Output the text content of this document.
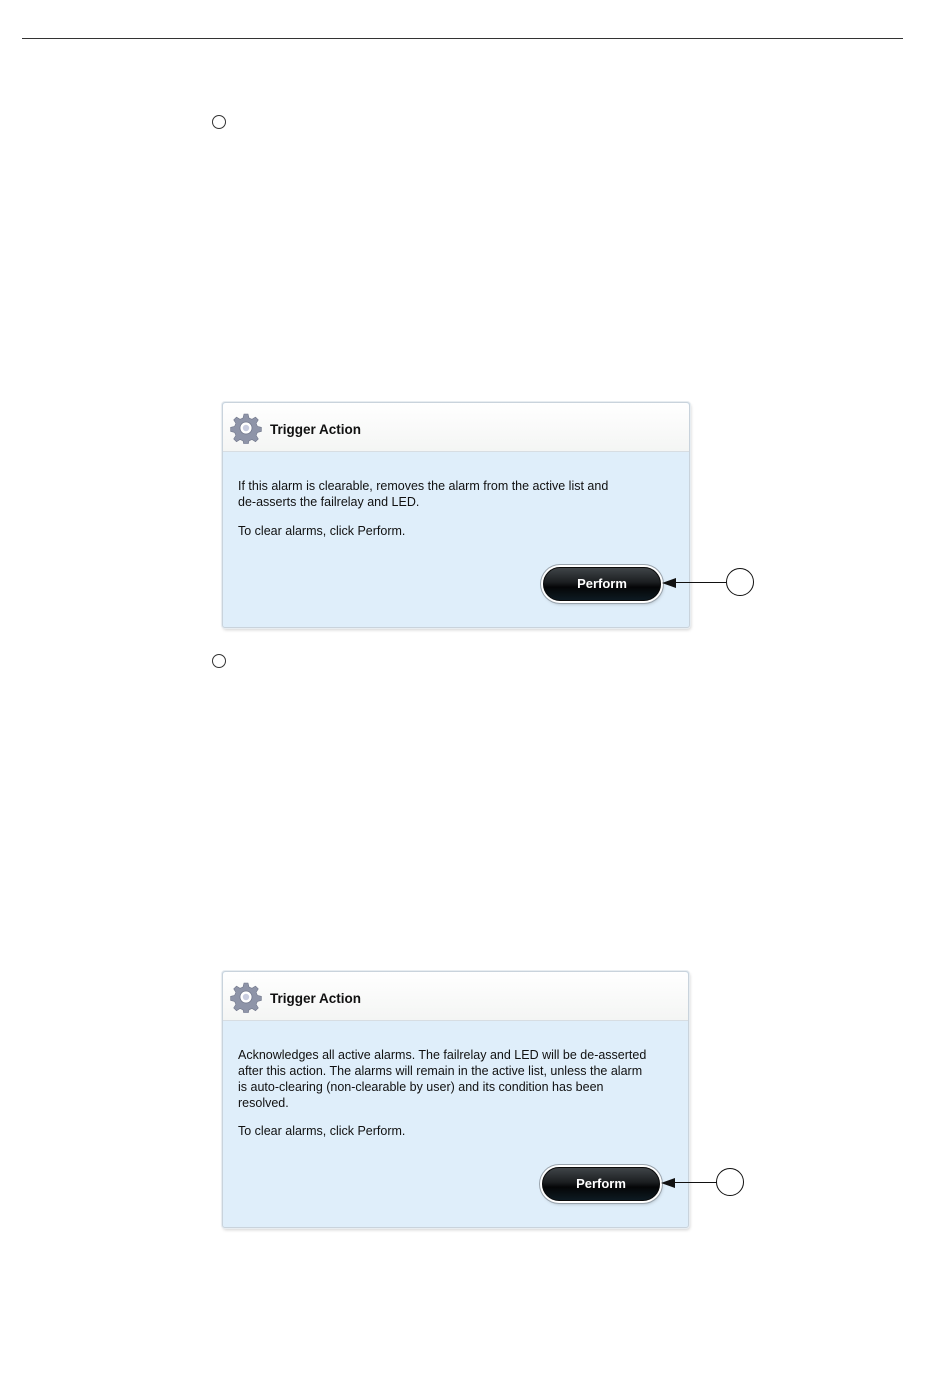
Trigger Action
If this alarm is clearable, removes the alarm from the active list and
de-asserts the failrelay and LED.
To clear alarms, click Perform.
Perform
Trigger Action
Acknowledges all active alarms. The failrelay and LED will be de-asserted
after this action. The alarms will remain in the active list, unless the alarm
is auto-clearing (non-clearable by user) and its condition has been
resolved.
To clear alarms, click Perform.
Perform
